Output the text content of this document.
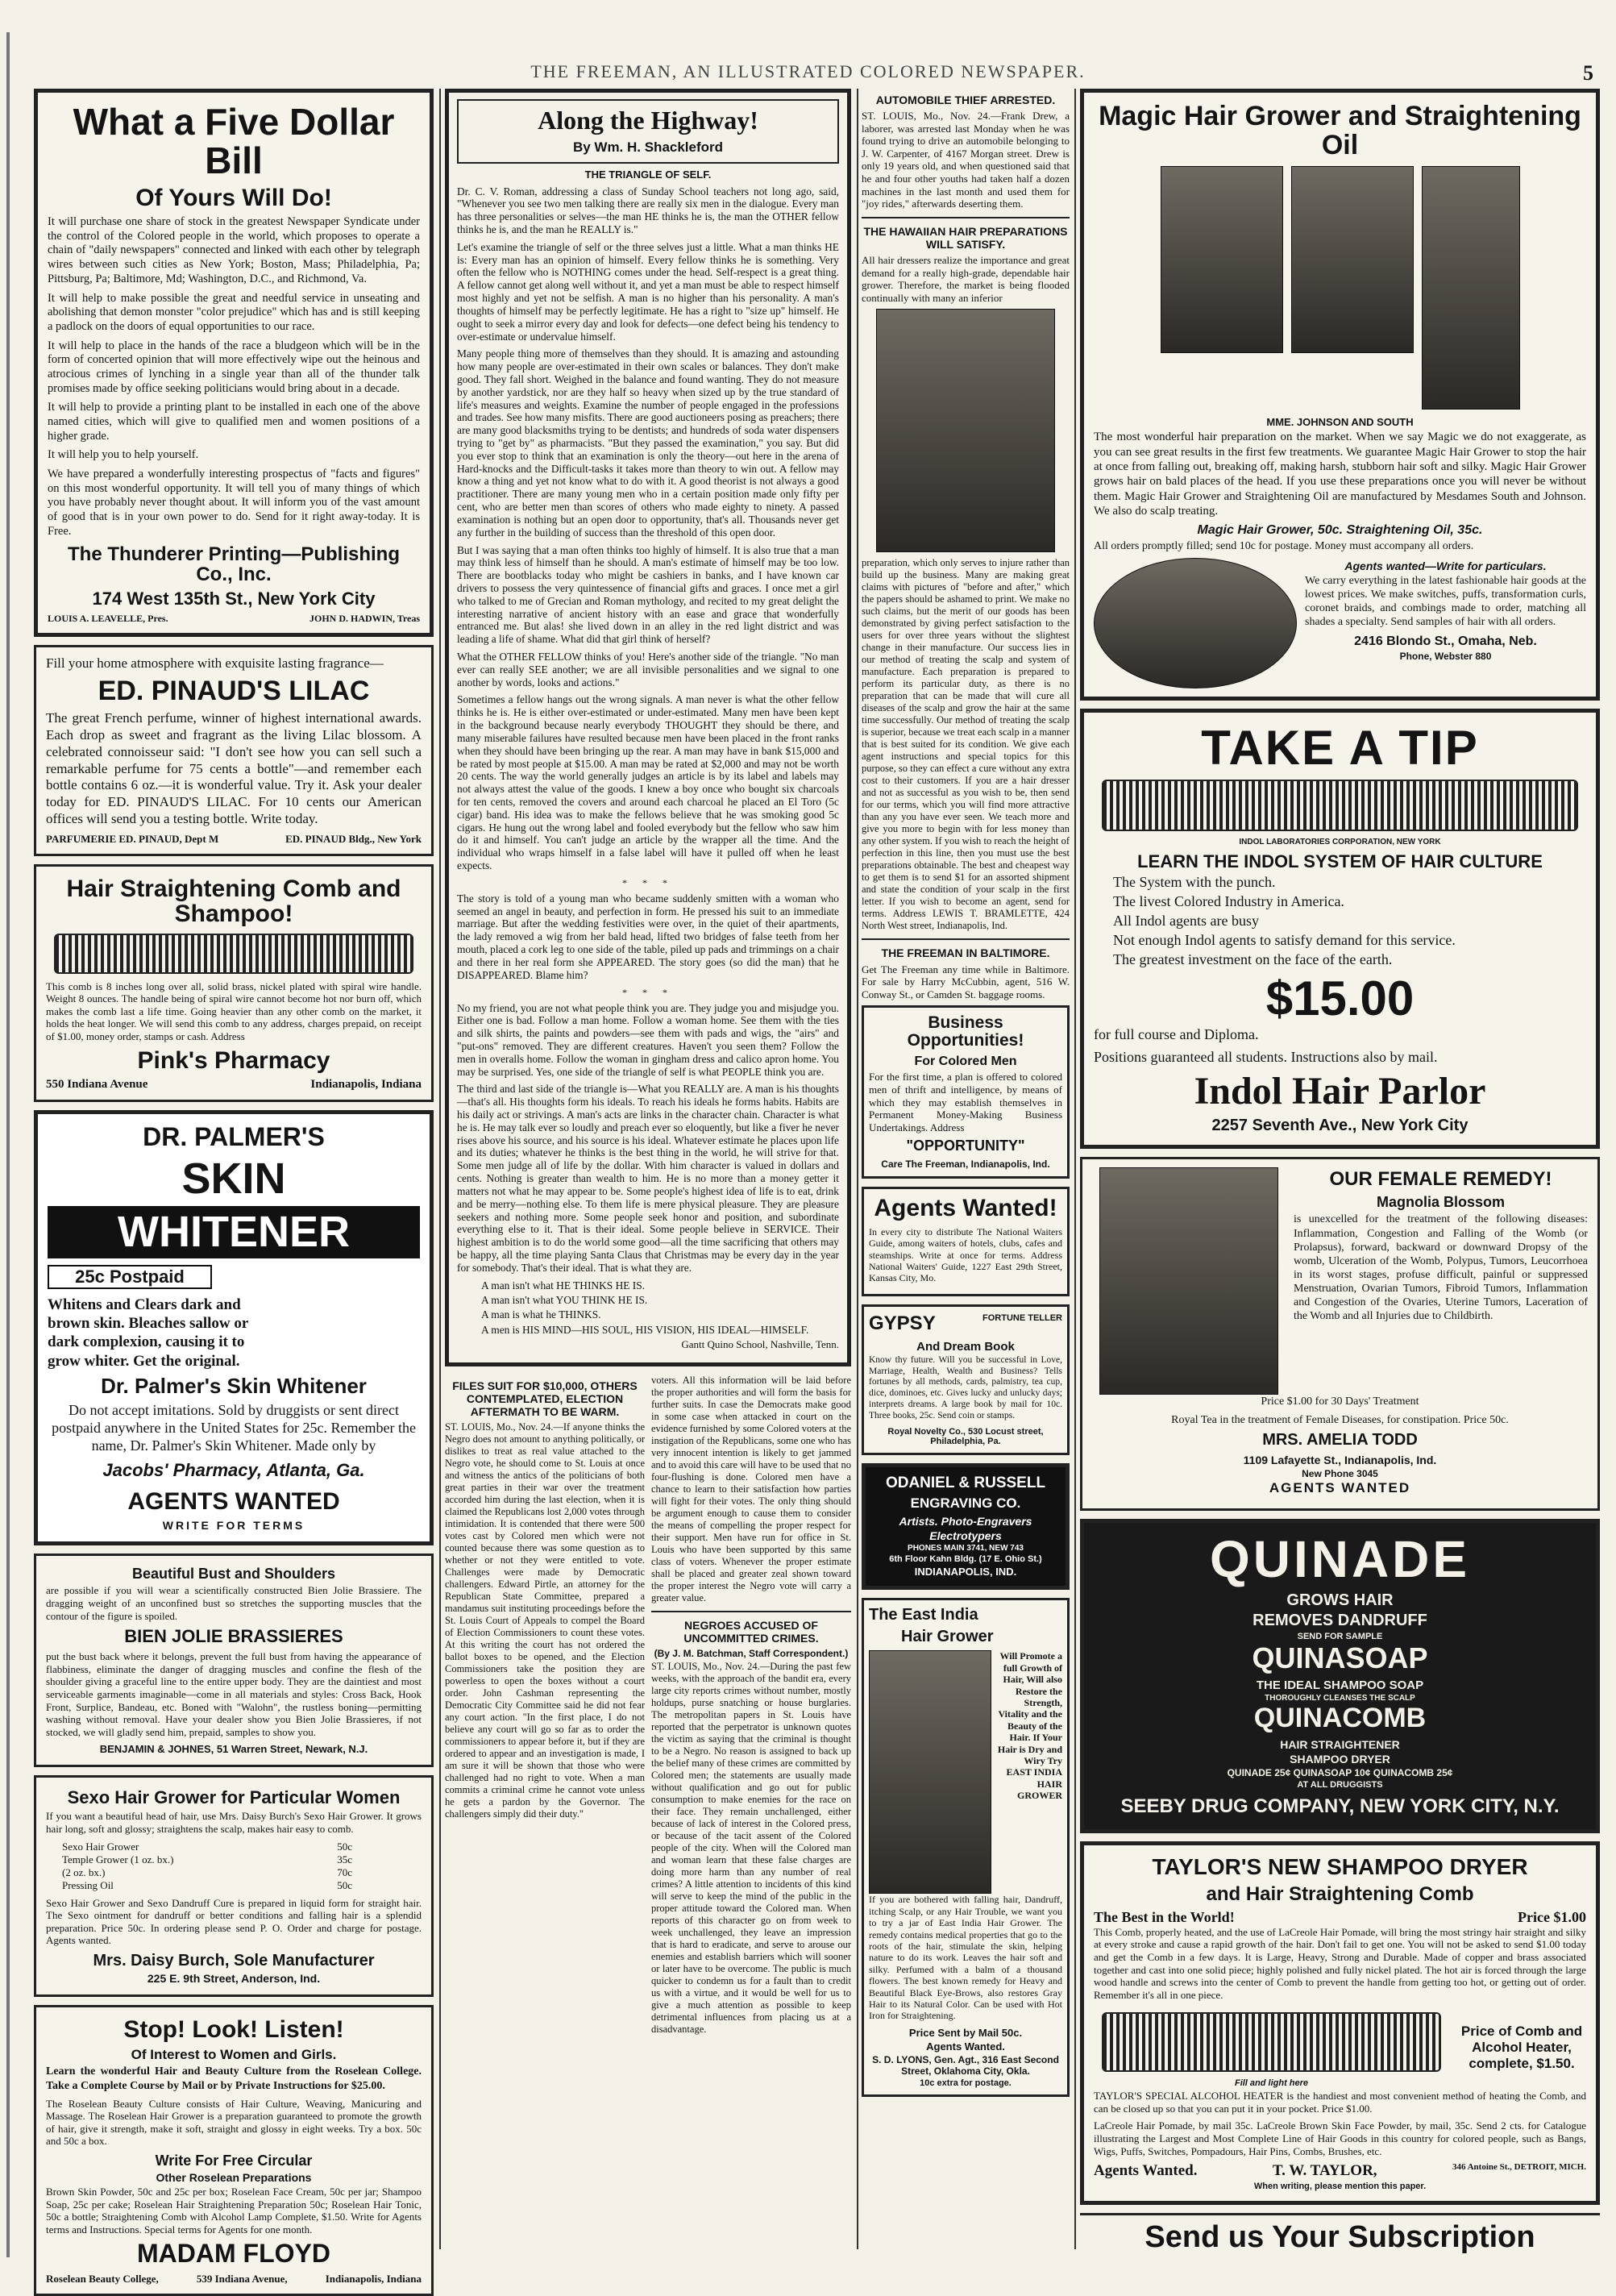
THE FREEMAN, AN ILLUSTRATED COLORED NEWSPAPER.	5
What a Five Dollar Bill
Of Yours Will Do!

It will purchase one share of stock in the greatest Newspaper Syndicate under the control of the Colored people in the world, which proposes to operate a chain of "daily newspapers" connected and linked with each other by telegraph wires between such cities as New York; Boston, Mass; Philadelphia, Pa; Pittsburg, Pa; Baltimore, Md; Washington, D.C., and Richmond, Va.

It will help to make possible the great and needful service in unseating and abolishing that demon monster "color prejudice" which has and is still keeping a padlock on the doors of equal opportunities to our race.

It will help to place in the hands of the race a bludgeon which will be in the form of concerted opinion that will more effectively wipe out the heinous and atrocious crimes of lynching in a single year than all of the thunder talk promises made by office seeking politicians would bring about in a decade.

It will help to provide a printing plant to be installed in each one of the above named cities, which will give to qualified men and women positions of a higher grade.

It will help you to help yourself.

We have prepared a wonderfully interesting prospectus of "facts and figures" on this most wonderful opportunity. It will tell you of many things of which you have probably never thought about. It will inform you of the vast amount of good that is in your own power to do. Send for it right away-today. It is Free.

The Thunderer Printing—Publishing Co., Inc.
174 West 135th St., New York City
LOUIS A. LEAVELLE, Pres.	JOHN D. HADWIN, Treas
Fill your home atmosphere with exquisite lasting fragrance—
ED. PINAUD'S LILAC

The great French perfume, winner of highest international awards. Each drop as sweet and fragrant as the living Lilac blossom. A celebrated connoisseur said: "I don't see how you can sell such a remarkable perfume for 75 cents a bottle"—and remember each bottle contains 6 oz.—it is wonderful value. Try it. Ask your dealer today for ED. PINAUD'S LILAC. For 10 cents our American offices will send you a testing bottle. Write today.

PARFUMERIE ED. PINAUD, Dept M	ED. PINAUD Bldg., New York
Hair Straightening Comb and Shampoo!

This comb is 8 inches long over all, solid brass, nickel plated with spiral wire handle. Weight 8 ounces. The handle being of spiral wire cannot become hot nor burn off, which makes the comb last a life time. Going heavier than any other comb on the market, it holds the heat longer. We will send this comb to any address, charges prepaid, on receipt of $1.00, money order, stamps or cash. Address

Pink's Pharmacy
550 Indiana Avenue	Indianapolis, Indiana
DR. PALMER'S
SKIN
WHITENER
25c Postpaid

Whitens and Clears dark and brown skin. Bleaches sallow or dark complexion, causing it to grow whiter. Get the original.

Dr. Palmer's Skin Whitener

Do not accept imitations. Sold by druggists or sent direct postpaid anywhere in the United States for 25c. Remember the name, Dr. Palmer's Skin Whitener. Made only by

Jacobs' Pharmacy, Atlanta, Ga.
AGENTS WANTED
WRITE FOR TERMS
Beautiful Bust and Shoulders

are possible if you will wear a scientifically constructed Bien Jolie Brassiere. The dragging weight of an unconfined bust so stretches the supporting muscles that the contour of the figure is spoiled.

BIEN JOLIE BRASSIERES

put the bust back where it belongs, prevent the full bust from having the appearance of flabbiness, eliminate the danger of dragging muscles and confine the flesh of the shoulder giving a graceful line to the entire upper body. They are the daintiest and most serviceable garments imaginable—come in all materials and styles: Cross Back, Hook Front, Surplice, Bandeau, etc. Boned with "Walohn", the rustless boning—permitting washing without removal. Have your dealer show you Bien Jolie Brassieres, if not stocked, we will gladly send him, prepaid, samples to show you.

BENJAMIN & JOHNES, 51 Warren Street, Newark, N.J.
Sexo Hair Grower for Particular Women

If you want a beautiful head of hair, use Mrs. Daisy Burch's Sexo Hair Grower. It grows hair long, soft and glossy; straightens the scalp, makes hair easy to comb.

Sexo Hair Grower	50c
Temple Grower (1 oz. bx.)	35c
(2 oz. bx.)	70c
Pressing Oil	50c

Sexo Hair Grower and Sexo Dandruff Cure is prepared in liquid form for straight hair. The Sexo ointment for dandruff or better conditions and falling hair is a splendid preparation. Price 50c. In ordering please send P. O. Order and charge for postage. Agents wanted.

Mrs. Daisy Burch, Sole Manufacturer
225 E. 9th Street, Anderson, Ind.
Stop! Look! Listen!
Of Interest to Women and Girls.

Learn the wonderful Hair and Beauty Culture from the Roselean College. Take a Complete Course by Mail or by Private Instructions for $25.00.

The Roselean Beauty Culture consists of Hair Culture, Weaving, Manicuring and Massage. The Roselean Hair Grower is a preparation guaranteed to promote the growth of hair, give it strength, make it soft, straight and glossy in eight weeks. Try a box. 50c and 50c a box.

Write For Free Circular
Other Roselean Preparations

Brown Skin Powder, 50c and 25c per box; Roselean Face Cream, 50c per jar; Shampoo Soap, 25c per cake; Roselean Hair Straightening Preparation 50c; Roselean Hair Tonic, 50c a bottle; Straightening Comb with Alcohol Lamp Complete, $1.50. Write for Agents terms and Instructions. Special terms for Agents for one month.

MADAM FLOYD
Roselean Beauty College,	539 Indiana Avenue,	Indianapolis, Indiana
Along the Highway!
By Wm. H. Shackleford
THE TRIANGLE OF SELF.

Dr. C. V. Roman, addressing a class of Sunday School teachers not long ago, said, "Whenever you see two men talking there are really six men in the dialogue. Every man has three personalities or selves—the man HE thinks he is, the man the OTHER fellow thinks he is, and the man he REALLY is."

Let's examine the triangle of self or the three selves just a little. What a man thinks HE is: Every man has an opinion of himself. Every fellow thinks he is something. Very often the fellow who is NOTHING comes under the head. Self-respect is a great thing. A fellow cannot get along well without it, and yet a man must be able to respect himself most highly and yet not be selfish. A man is no higher than his personality. A man's thoughts of himself may be perfectly legitimate. He has a right to "size up" himself. He ought to seek a mirror every day and look for defects—one defect being his tendency to over-estimate or undervalue himself.

Many people thing more of themselves than they should. It is amazing and astounding how many people are over-estimated in their own scales or balances. They don't make good. They fall short. Weighed in the balance and found wanting. They do not measure by another yardstick, nor are they half so heavy when sized up by the true standard of life's measures and weights. Examine the number of people engaged in the professions and trades. See how many misfits. There are good auctioneers posing as preachers; there are many good blacksmiths trying to be dentists; and hundreds of soda water dispensers trying to "get by" as pharmacists. "But they passed the examination," you say. But did you ever stop to think that an examination is only the theory—out here in the arena of Hard-knocks and the Difficult-tasks it takes more than theory to win out. A fellow may know a thing and yet not know what to do with it. A good theorist is not always a good practitioner. There are many young men who in a certain position made only fifty per cent, who are better men than scores of others who made eighty to ninety. A passed examination is nothing but an open door to opportunity, that's all. Thousands never get any further in the building of success than the threshold of this open door.

But I was saying that a man often thinks too highly of himself. It is also true that a man may think less of himself than he should. A man's estimate of himself may be too low. There are bootblacks today who might be cashiers in banks, and I have known car drivers to possess the very quintessence of financial gifts and graces. I once met a girl who talked to me of Grecian and Roman mythology, and recited to my great delight the interesting narrative of ancient history with an ease and grace that wonderfully entranced me. But alas! she lived down in an alley in the red light district and was leading a life of shame. What did that girl think of herself?

What the OTHER FELLOW thinks of you! Here's another side of the triangle. "No man ever can really SEE another; we are all invisible personalities and we signal to one another by words, looks and actions."

Sometimes a fellow hangs out the wrong signals. A man never is what the other fellow thinks he is. He is either over-estimated or under-estimated. Many men have been kept in the background because nearly everybody THOUGHT they should be there, and many miserable failures have resulted because men have been placed in the front ranks when they should have been bringing up the rear. A man may have in bank $15,000 and be rated by most people at $15.00. A man may be rated at $2,000 and may not be worth 20 cents. The way the world generally judges an article is by its label and labels may not always attest the value of the goods. I knew a boy once who bought six charcoals for ten cents, removed the covers and around each charcoal he placed an El Toro (5c cigar) band. His idea was to make the fellows believe that he was smoking good 5c cigars. He hung out the wrong label and fooled everybody but the fellow who saw him do it and himself. You can't judge an article by the wrapper all the time. And the individual who wraps himself in a false label will have it pulled off when he least expects.

* * *

The story is told of a young man who became suddenly smitten with a woman who seemed an angel in beauty, and perfection in form. He pressed his suit to an immediate marriage. But after the wedding festivities were over, in the quiet of their apartments, the lady removed a wig from her bald head, lifted two bridges of false teeth from her mouth, placed a cork leg to one side of the table, piled up pads and trimmings on a chair and there in her real form she APPEARED. The story goes (so did the man) that he DISAPPEARED. Blame him?

* * *

No my friend, you are not what people think you are. They judge you and misjudge you. Either one is bad. Follow a man home. Follow a woman home. See them with the ties and silk shirts, the paints and powders—see them with pads and wigs, the "airs" and "put-ons" removed. They are different creatures. Haven't you seen them? Follow the men in overalls home. Follow the woman in gingham dress and calico apron home. You may be surprised. Yes, one side of the triangle of self is what PEOPLE think you are.

The third and last side of the triangle is—What you REALLY are. A man is his thoughts—that's all. His thoughts form his ideals. To reach his ideals he forms habits. Habits are his daily act or strivings. A man's acts are links in the character chain. Character is what he is. He may talk ever so loudly and preach ever so eloquently, but like a fiver he never rises above his source, and his source is his ideal. Whatever estimate he places upon life and its duties; whatever he thinks is the best thing in the world, he will strive for that. Some men judge all of life by the dollar. With him character is valued in dollars and cents. Nothing is greater than wealth to him. He is no more than a money getter it matters not what he may appear to be. Some people's highest idea of life is to eat, drink and be merry—nothing else. To them life is mere physical pleasure. They are pleasure seekers and nothing more. Some people seek honor and position, and subordinate everything else to it. That is their ideal. Some people believe in SERVICE. Their highest ambition is to do the world some good—all the time sacrificing that others may be happy, all the time playing Santa Claus that Christmas may be every day in the year for somebody. That's their ideal. That is what they are.

A man isn't what HE THINKS HE IS.
A man isn't what YOU THINK HE IS.
A man is what he THINKS.
A men is HIS MIND—HIS SOUL, HIS VISION, HIS IDEAL—HIMSELF.
Gantt Quino School, Nashville, Tenn.
FILES SUIT FOR $10,000, OTHERS CONTEMPLATED, ELECTION AFTERMATH TO BE WARM.

ST. LOUIS, Mo., Nov. 24.—If anyone thinks the Negro does not amount to anything politically, or dislikes to treat as real value attached to the Negro vote, he should come to St. Louis at once and witness the antics of the politicians of both great parties in their war over the treatment accorded him during the last election, when it is claimed the Republicans lost 2,000 votes through intimidation. It is contended that there were 500 votes cast by Colored men which were not counted because there was some question as to whether or not they were entitled to vote. Challenges were made by Democratic challengers. Edward Pirtle, an attorney for the Republican State Committee, prepared a mandamus suit instituting proceedings before the St. Louis Court of Appeals to compel the Board of Election Commissioners to count these votes. At this writing the court has not ordered the ballot boxes to be opened, and the Election Commissioners take the position they are powerless to open the boxes without a court order. John Cashman representing the Democratic City Committee said he did not fear any court action. "In the first place, I do not believe any court will go so far as to order the commissioners to appear before it, but if they are ordered to appear and an investigation is made, I am sure it will be shown that those who were challenged had no right to vote. When a man commits a criminal crime he cannot vote unless he gets a pardon by the Governor. The challengers simply did their duty."

voters. All this information will be laid before the proper authorities and will form the basis for further suits. In case the Democrats make good in some case when attacked in court on the evidence furnished by some Colored voters at the instigation of the Republicans, some one who has very innocent intention is likely to get jammed and to avoid this care will have to be used that no four-flushing is done. Colored men have a chance to learn to their satisfaction how parties will fight for their votes. The only thing should be argument enough to cause them to consider the means of compelling the proper respect for their support. Men have run for office in St. Louis who have been supported by this same class of voters. Whenever the proper estimate shall be placed and greater zeal shown toward the proper interest the Negro vote will carry a greater value.

NEGROES ACCUSED OF UNCOMMITTED CRIMES.
(By J. M. Batchman, Staff Correspondent.)

ST. LOUIS, Mo., Nov. 24.—During the past few weeks, with the approach of the bandit era, every large city reports crimes without number, mostly holdups, purse snatching or house burglaries. The metropolitan papers in St. Louis have reported that the perpetrator is unknown quotes the victim as saying that the criminal is thought to be a Negro. No reason is assigned to back up the belief many of these crimes are committed by Colored men; the statements are usually made without qualification and go out for public consumption to make enemies for the race on their face. They remain unchallenged, either because of lack of interest in the Colored press, or because of the tacit assent of the Colored people of the city. When will the Colored man and woman learn that these false charges are doing more harm than any number of real crimes? A little attention to incidents of this kind will serve to keep the mind of the public in the proper attitude toward the Colored man. When reports of this character go on from week to week unchallenged, they leave an impression that is hard to eradicate, and serve to arouse our enemies and establish barriers which will sooner or later have to be overcome. The public is much quicker to condemn us for a fault than to credit us with a virtue, and it would be well for us to give a much attention as possible to keep detrimental influences from placing us at a disadvantage.

AUTOMOBILE THIEF ARRESTED.

ST. LOUIS, Mo., Nov. 24.—Frank Drew, a laborer, was arrested last Monday when he was found trying to drive an automobile belonging to J. W. Carpenter, of 4167 Morgan street. Drew is only 19 years old, and when questioned said that he and four other youths had taken half a dozen machines in the last month and used them for "joy rides," afterwards deserting them.

THE HAWAIIAN HAIR PREPARATIONS WILL SATISFY.

All hair dressers realize the importance and great demand for a really high-grade, dependable hair grower. Therefore, the market is being flooded continually with many an inferior

preparation, which only serves to injure rather than build up the business. Many are making great claims with pictures of "before and after," which the papers should be ashamed to print. We make no such claims, but the merit of our goods has been demonstrated by giving perfect satisfaction to the users for over three years without the slightest change in their manufacture. Our success lies in our method of treating the scalp and system of manufacture. Each preparation is prepared to perform its particular duty, as there is no preparation that can be made that will cure all diseases of the scalp and grow the hair at the same time successfully. Our method of treating the scalp is superior, because we treat each scalp in a manner that is best suited for its condition. We give each agent instructions and special topics for this purpose, so they can effect a cure without any extra cost to their customers. If you are a hair dresser and not as successful as you wish to be, then send for our terms, which you will find more attractive than any you have ever seen. We teach more and give you more to begin with for less money than any other system. If you wish to reach the height of perfection in this line, then you must use the best preparations obtainable. The best and cheapest way to get them is to send $1 for an assorted shipment and state the condition of your scalp in the first letter. If you wish to become an agent, send for terms. Address LEWIS T. BRAMLETTE, 424 North West street, Indianapolis, Ind.

THE FREEMAN IN BALTIMORE.

Get The Freeman any time while in Baltimore. For sale by Harry McCubbin, agent, 516 W. Conway St., or Camden St. baggage rooms.

Business Opportunities!
For Colored Men

For the first time, a plan is offered to colored men of thrift and intelligence, by means of which they may establish themselves in Permanent Money-Making Business Undertakings. Address

"OPPORTUNITY"
Care The Freeman, Indianapolis, Ind.
Agents Wanted!

In every city to distribute The National Waiters Guide, among waiters of hotels, clubs, cafes and steamships. Write at once for terms. Address National Waiters' Guide, 1227 East 29th Street, Kansas City, Mo.

GYPSY	FORTUNE TELLER
And Dream Book

Know thy future. Will you be successful in Love, Marriage, Health, Wealth and Business? Tells fortunes by all methods, cards, palmistry, tea cup, dice, dominoes, etc. Gives lucky and unlucky days; interprets dreams. A large book by mail for 10c. Three books, 25c. Send coin or stamps.

Royal Novelty Co., 530 Locust street, Philadelphia, Pa.
ODANIEL & RUSSELL
ENGRAVING CO.
Artists. Photo-Engravers
Electrotypers
PHONES MAIN 3741, NEW 743
6th Floor Kahn Bldg. (17 E. Ohio St.)
INDIANAPOLIS, IND.
The East India
Hair Grower

Will Promote a full Growth of Hair, Will also Restore the Strength, Vitality and the Beauty of the Hair. If Your Hair is Dry and Wiry Try EAST INDIA HAIR GROWER

If you are bothered with falling hair, Dandruff, itching Scalp, or any Hair Trouble, we want you to try a jar of East India Hair Grower. The remedy contains medical properties that go to the roots of the hair, stimulate the skin, helping nature to do its work. Leaves the hair soft and silky. Perfumed with a balm of a thousand flowers. The best known remedy for Heavy and Beautiful Black Eye-Brows, also restores Gray Hair to its Natural Color. Can be used with Hot Iron for Straightening.

Price Sent by Mail 50c.
Agents Wanted.
S. D. LYONS, Gen. Agt., 316 East Second Street, Oklahoma City, Okla.
10c extra for postage.
Magic Hair Grower and Straightening Oil
MME. JOHNSON AND SOUTH

The most wonderful hair preparation on the market. When we say Magic we do not exaggerate, as you can see great results in the first few treatments. We guarantee Magic Hair Grower to stop the hair at once from falling out, breaking off, making harsh, stubborn hair soft and silky. Magic Hair Grower grows hair on bald places of the head. If you use these preparations once you will never be without them. Magic Hair Grower and Straightening Oil are manufactured by Mesdames South and Johnson. We also do scalp treating.

Magic Hair Grower, 50c. Straightening Oil, 35c.

All orders promptly filled; send 10c for postage. Money must accompany all orders.

Agents wanted—Write for particulars.

We carry everything in the latest fashionable hair goods at the lowest prices. We make switches, puffs, transformation curls, coronet braids, and combings made to order, matching all shades a specialty. Send samples of hair with all orders.

2416 Blondo St., Omaha, Neb.
Phone, Webster 880
TAKE A TIP
INDOL LABORATORIES CORPORATION, NEW YORK
LEARN THE INDOL SYSTEM OF HAIR CULTURE
The System with the punch.
The livest Colored Industry in America.
All Indol agents are busy
Not enough Indol agents to satisfy demand for this service.
The greatest investment on the face of the earth.
$15.00
for full course and Diploma.
Positions guaranteed all students. Instructions also by mail.
Indol Hair Parlor
2257 Seventh Ave., New York City
OUR FEMALE REMEDY!
Magnolia Blossom

is unexcelled for the treatment of the following diseases: Inflammation, Congestion and Falling of the Womb (or Prolapsus), forward, backward or downward Dropsy of the womb, Ulceration of the Womb, Polypus, Tumors, Leucorrhoea in its worst stages, profuse difficult, painful or suppressed Menstruation, Ovarian Tumors, Fibroid Tumors, Inflammation and Congestion of the Ovaries, Uterine Tumors, Laceration of the Womb and all Injuries due to Childbirth.

Price $1.00 for 30 Days' Treatment
Royal Tea in the treatment of Female Diseases, for constipation. Price 50c.
MRS. AMELIA TODD
1109 Lafayette St., Indianapolis, Ind.
New Phone 3045
AGENTS WANTED
QUINADE
GROWS HAIR
REMOVES DANDRUFF
SEND FOR SAMPLE
QUINASOAP
THE IDEAL SHAMPOO SOAP
THOROUGHLY CLEANSES THE SCALP
QUINACOMB
HAIR STRAIGHTENER
SHAMPOO DRYER
QUINADE 25¢ QUINASOAP 10¢ QUINACOMB 25¢
AT ALL DRUGGISTS
SEEBY DRUG COMPANY, NEW YORK CITY, N.Y.
TAYLOR'S NEW SHAMPOO DRYER
and Hair Straightening Comb
The Best in the World!	Price $1.00

This Comb, properly heated, and the use of LaCreole Hair Pomade, will bring the most stringy hair straight and silky at every stroke and cause a rapid growth of the hair. Don't fail to get one. You will not be asked to send $1.00 today and get the Comb in a few days. It is Large, Heavy, Strong and Durable. Made of copper and brass associated together and cast into one solid piece; highly polished and fully nickel plated. The hot air is forced through the large wood handle and screws into the center of Comb to prevent the handle from getting too hot, or getting out of order. Remember it's all in one piece.

Fill and light here
Price of Comb and Alcohol Heater, complete, $1.50.

TAYLOR'S SPECIAL ALCOHOL HEATER is the handiest and most convenient method of heating the Comb, and can be closed up so that you can put it in your pocket. Price $1.00.

LaCreole Hair Pomade, by mail 35c. LaCreole Brown Skin Face Powder, by mail, 35c. Send 2 cts. for Catalogue illustrating the Largest and Most Complete Line of Hair Goods in this country for colored people, such as Bangs, Wigs, Puffs, Switches, Pompadours, Hair Pins, Combs, Brushes, etc.

Agents Wanted.	T. W. TAYLOR,	346 Antoine St., DETROIT, MICH.
When writing, please mention this paper.
Send us Your Subscription
